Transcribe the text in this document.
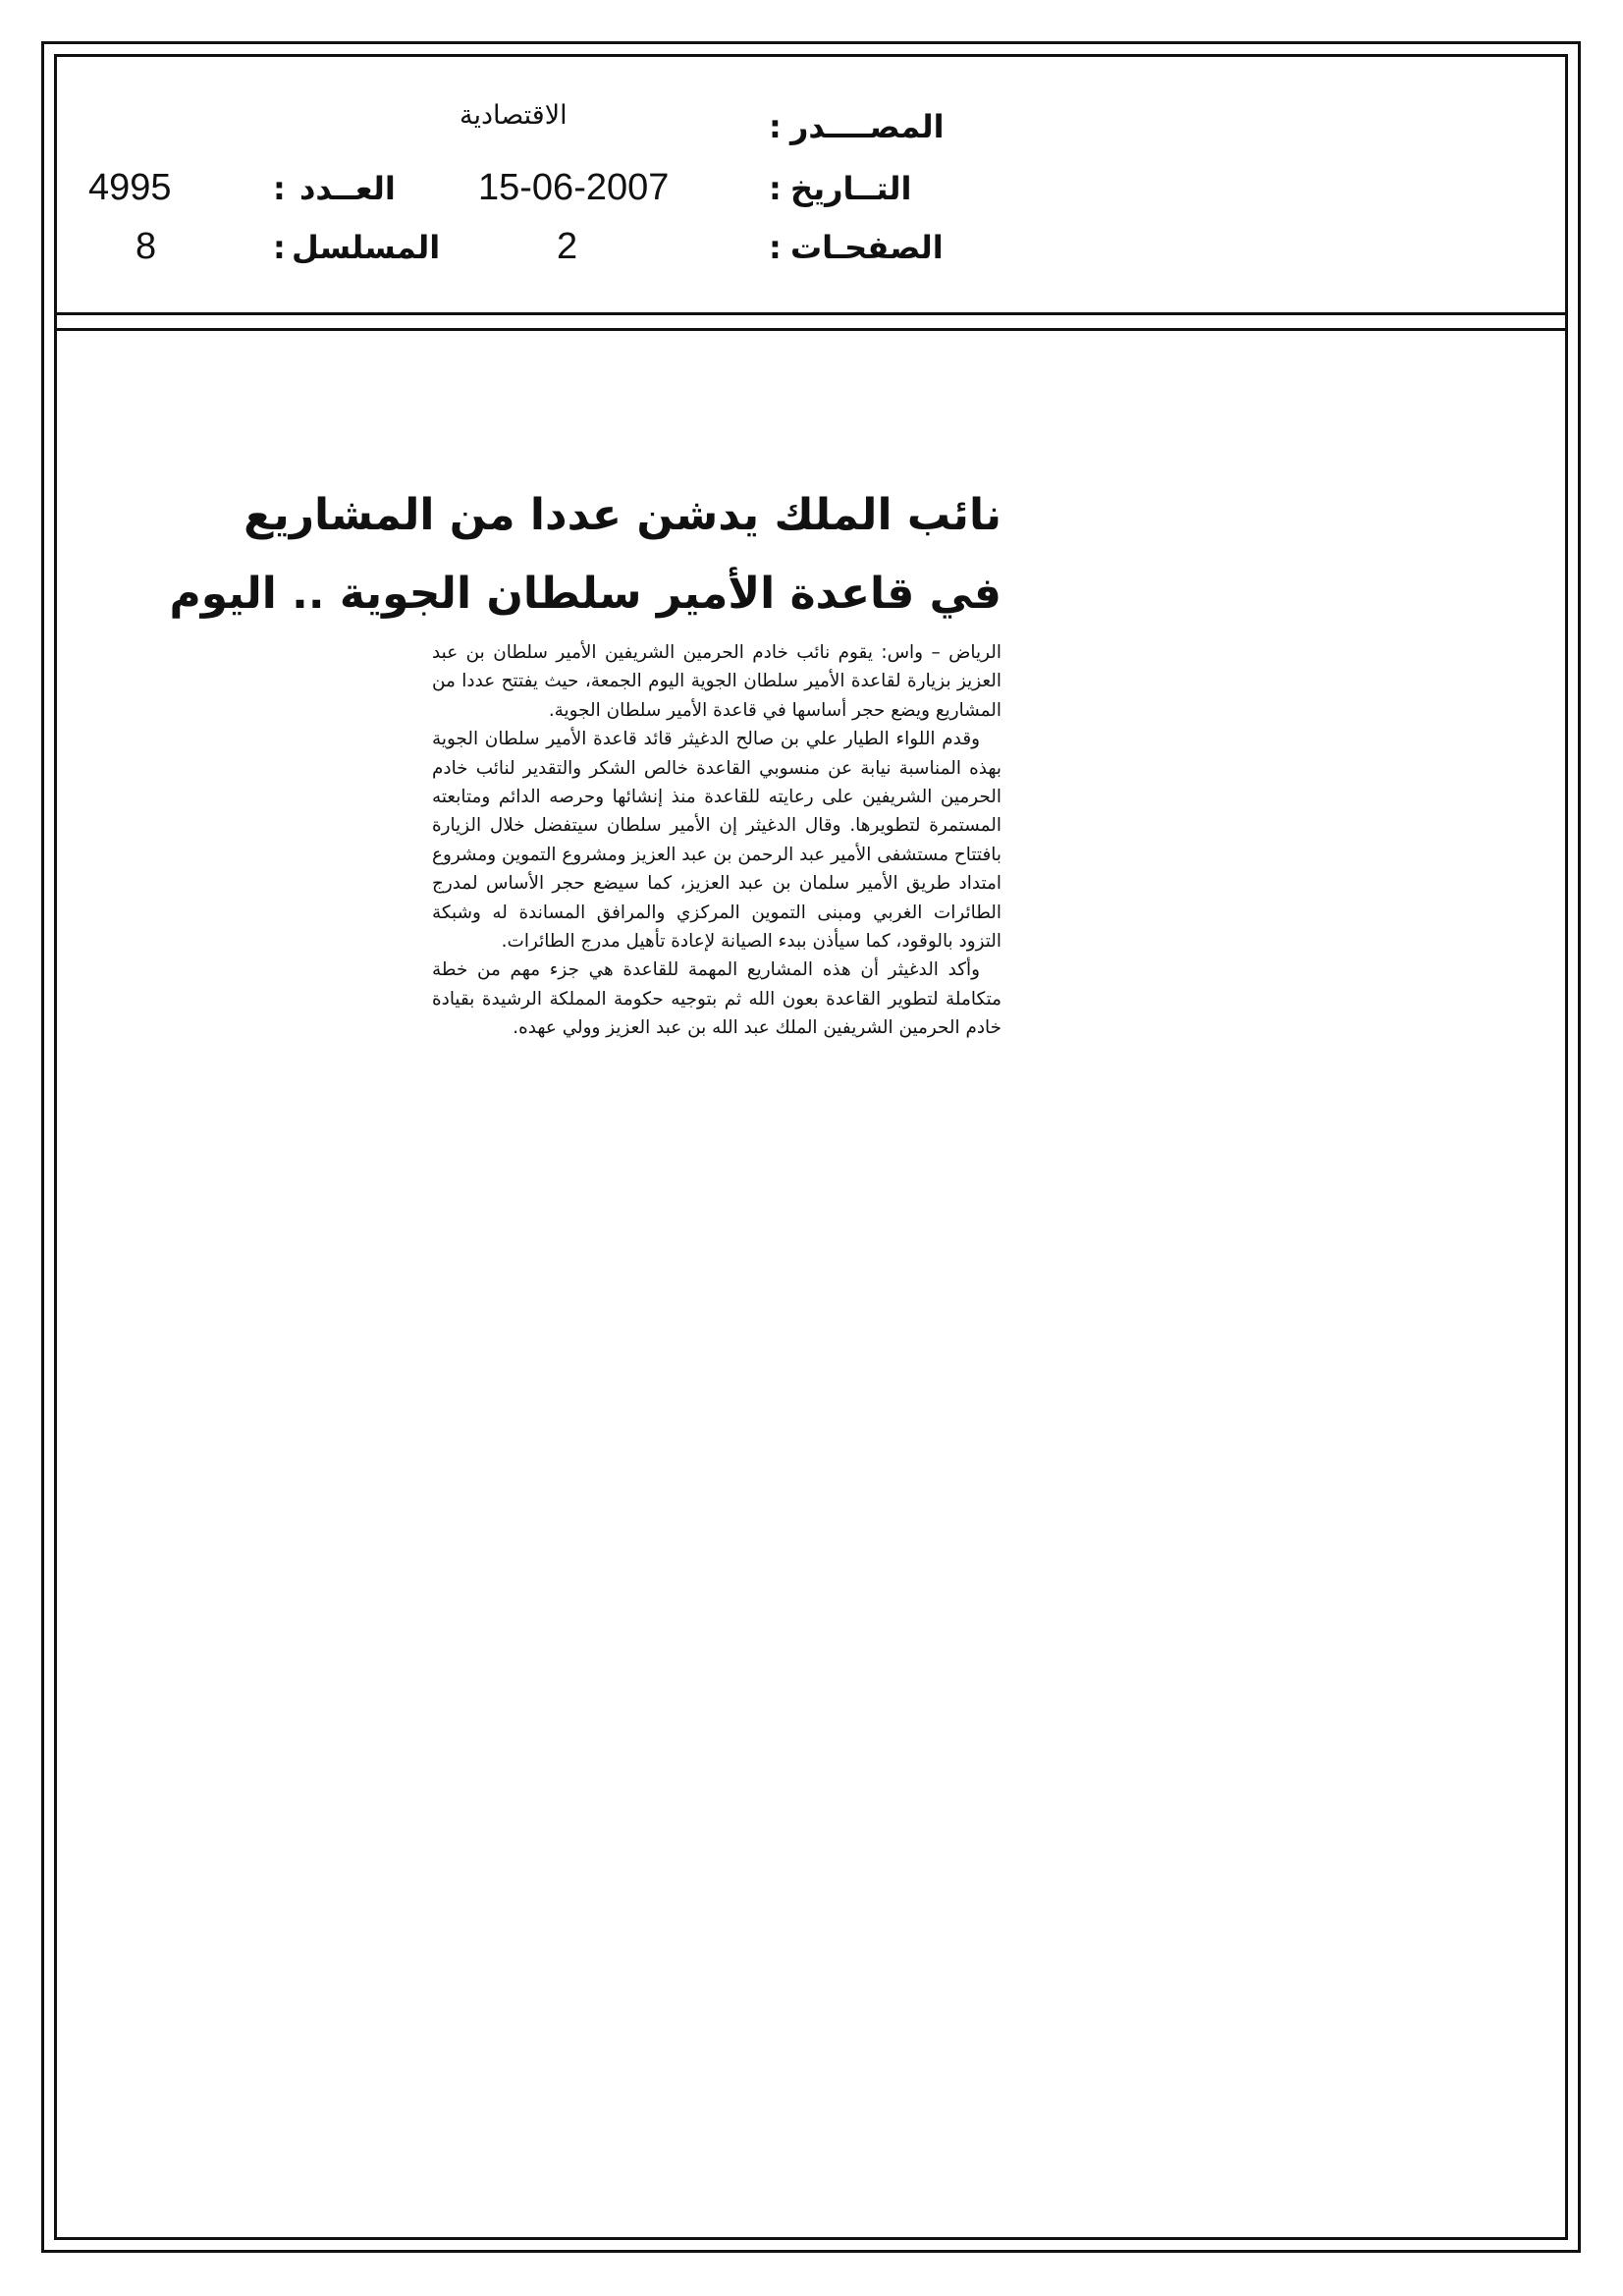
المصــــدر
:
الاقتصادية
التــاريخ
:
15-06-2007
العــدد
:
4995
الصفحـات
:
2
المسلسل
:
8
نائب الملك يدشن عددا من المشاريع
في قاعدة الأمير سلطان الجوية .. اليوم

الرياض – واس: يقوم نائب خادم الحرمين الشريفين الأمير سلطان بن عبد العزيز بزيارة لقاعدة الأمير سلطان الجوية اليوم الجمعة، حيث يفتتح عددا من المشاريع ويضع حجر أساسها في قاعدة الأمير سلطان الجوية.

وقدم اللواء الطيار علي بن صالح الدغيثر قائد قاعدة الأمير سلطان الجوية بهذه المناسبة نيابة عن منسوبي القاعدة خالص الشكر والتقدير لنائب خادم الحرمين الشريفين على رعايته للقاعدة منذ إنشائها وحرصه الدائم ومتابعته المستمرة لتطويرها. وقال الدغيثر إن الأمير سلطان سيتفضل خلال الزيارة بافتتاح مستشفى الأمير عبد الرحمن بن عبد العزيز ومشروع التموين ومشروع امتداد طريق الأمير سلمان بن عبد العزيز، كما سيضع حجر الأساس لمدرج الطائرات الغربي ومبنى التموين المركزي والمرافق المساندة له وشبكة التزود بالوقود، كما سيأذن ببدء الصيانة لإعادة تأهيل مدرج الطائرات.

وأكد الدغيثر أن هذه المشاريع المهمة للقاعدة هي جزء مهم من خطة متكاملة لتطوير القاعدة بعون الله ثم بتوجيه حكومة المملكة الرشيدة بقيادة خادم الحرمين الشريفين الملك عبد الله بن عبد العزيز وولي عهده.
